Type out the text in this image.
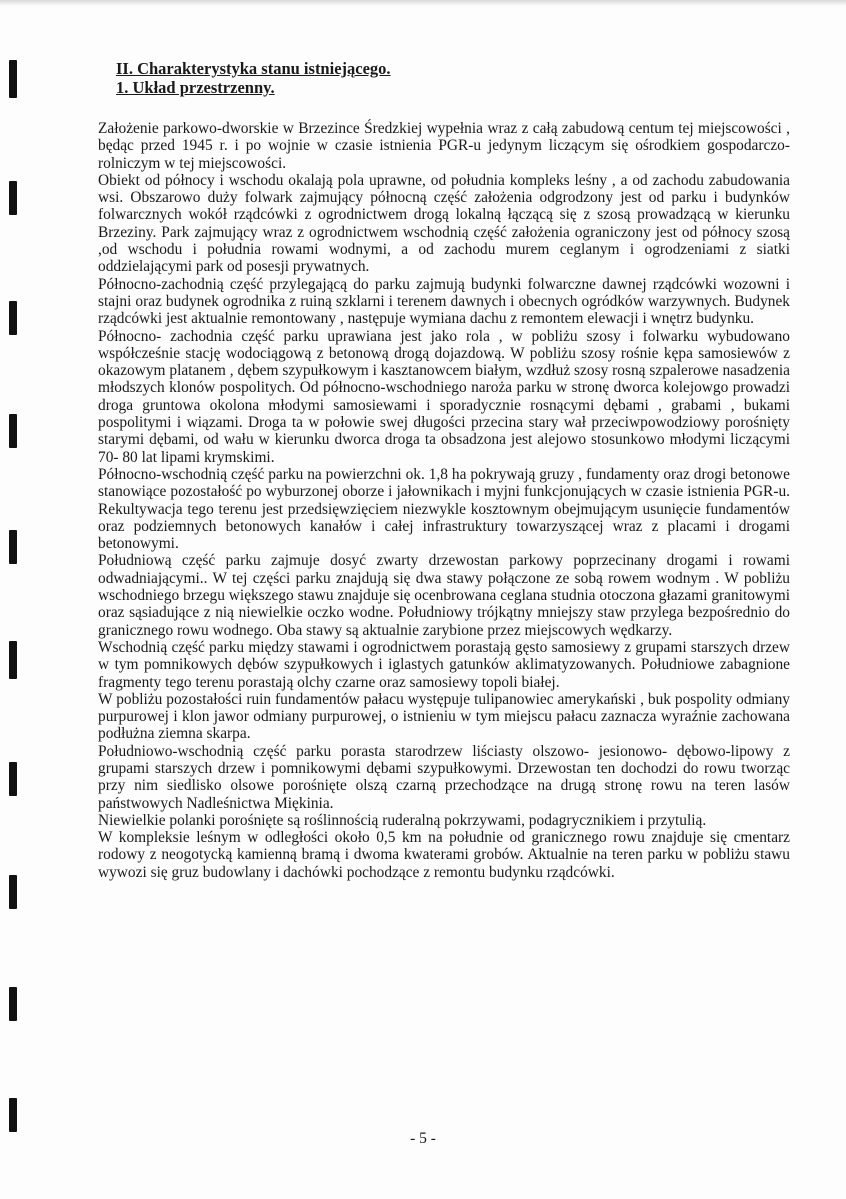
II. Charakterystyka stanu istniejącego.
1. Układ przestrzenny.

Założenie parkowo-dworskie w Brzezince Średzkiej wypełnia wraz z całą zabudową centum tej miejscowości , będąc przed 1945 r. i po wojnie w czasie istnienia PGR-u jedynym liczącym się ośrodkiem gospodarczo- rolniczym w tej miejscowości.

Obiekt od północy i wschodu okalają pola uprawne, od południa kompleks leśny , a od zachodu zabudowania wsi. Obszarowo duży folwark zajmujący północną część założenia odgrodzony jest od parku i budynków folwarcznych wokół rządcówki z ogrodnictwem drogą lokalną łączącą się z szosą prowadzącą w kierunku Brzeziny. Park zajmujący wraz z ogrodnictwem wschodnią część założenia ograniczony jest od północy szosą ,od wschodu i południa rowami wodnymi, a od zachodu murem ceglanym i ogrodzeniami z siatki oddzielającymi park od posesji prywatnych.

Północno-zachodnią część przylegającą do parku zajmują budynki folwarczne dawnej rządcówki wozowni i stajni oraz budynek ogrodnika z ruiną szklarni i terenem dawnych i obecnych ogródków warzywnych. Budynek rządcówki jest aktualnie remontowany , następuje wymiana dachu z remontem elewacji i wnętrz budynku.

Północno- zachodnia część parku uprawiana jest jako rola , w pobliżu szosy i folwarku wybudowano współcześnie stację wodociągową z betonową drogą dojazdową. W pobliżu szosy rośnie kępa samosiewów z okazowym platanem , dębem szypułkowym i kasztanowcem białym, wzdłuż szosy rosną szpalerowe nasadzenia młodszych klonów pospolitych. Od północno-wschodniego naroża parku w stronę dworca kolejowgo prowadzi droga gruntowa okolona młodymi samosiewami i sporadycznie rosnącymi dębami , grabami , bukami pospolitymi i wiązami. Droga ta w połowie swej długości przecina stary wał przeciwpowodziowy porośnięty starymi dębami, od wału w kierunku dworca droga ta obsadzona jest alejowo stosunkowo młodymi liczącymi 70- 80 lat lipami krymskimi.

Północno-wschodnią część parku na powierzchni ok. 1,8 ha pokrywają gruzy , fundamenty oraz drogi betonowe stanowiące pozostałość po wyburzonej oborze i jałownikach i myjni funkcjonujących w czasie istnienia PGR-u. Rekultywacja tego terenu jest przedsięwzięciem niezwykle kosztownym obejmującym usunięcie fundamentów oraz podziemnych betonowych kanałów i całej infrastruktury towarzyszącej wraz z placami i drogami betonowymi.

Południową część parku zajmuje dosyć zwarty drzewostan parkowy poprzecinany drogami i rowami odwadniającymi.. W tej części parku znajdują się dwa stawy połączone ze sobą rowem wodnym . W pobliżu wschodniego brzegu większego stawu znajduje się ocenbrowana ceglana studnia otoczona głazami granitowymi oraz sąsiadujące z nią niewielkie oczko wodne. Południowy trójkątny mniejszy staw przylega bezpośrednio do granicznego rowu wodnego. Oba stawy są aktualnie zarybione przez miejscowych wędkarzy.

Wschodnią część parku między stawami i ogrodnictwem porastają gęsto samosiewy z grupami starszych drzew w tym pomnikowych dębów szypułkowych i iglastych gatunków aklimatyzowanych. Południowe zabagnione fragmenty tego terenu porastają olchy czarne oraz samosiewy topoli białej.

W pobliżu pozostałości ruin fundamentów pałacu występuje tulipanowiec amerykański , buk pospolity odmiany purpurowej i klon jawor odmiany purpurowej, o istnieniu w tym miejscu pałacu zaznacza wyraźnie zachowana podłużna ziemna skarpa.

Południowo-wschodnią część parku porasta starodrzew liściasty olszowo- jesionowo- dębowo-lipowy z grupami starszych drzew i pomnikowymi dębami szypułkowymi. Drzewostan ten dochodzi do rowu tworząc przy nim siedlisko olsowe porośnięte olszą czarną przechodzące na drugą stronę rowu na teren lasów państwowych Nadleśnictwa Miękinia.

Niewielkie polanki porośnięte są roślinnością ruderalną pokrzywami, podagrycznikiem i przytulią.

W kompleksie leśnym w odległości około 0,5 km na południe od granicznego rowu znajduje się cmentarz rodowy z neogotycką kamienną bramą i dwoma kwaterami grobów. Aktualnie na teren parku w pobliżu stawu wywozi się gruz budowlany i dachówki pochodzące z remontu budynku rządcówki.

- 5 -
